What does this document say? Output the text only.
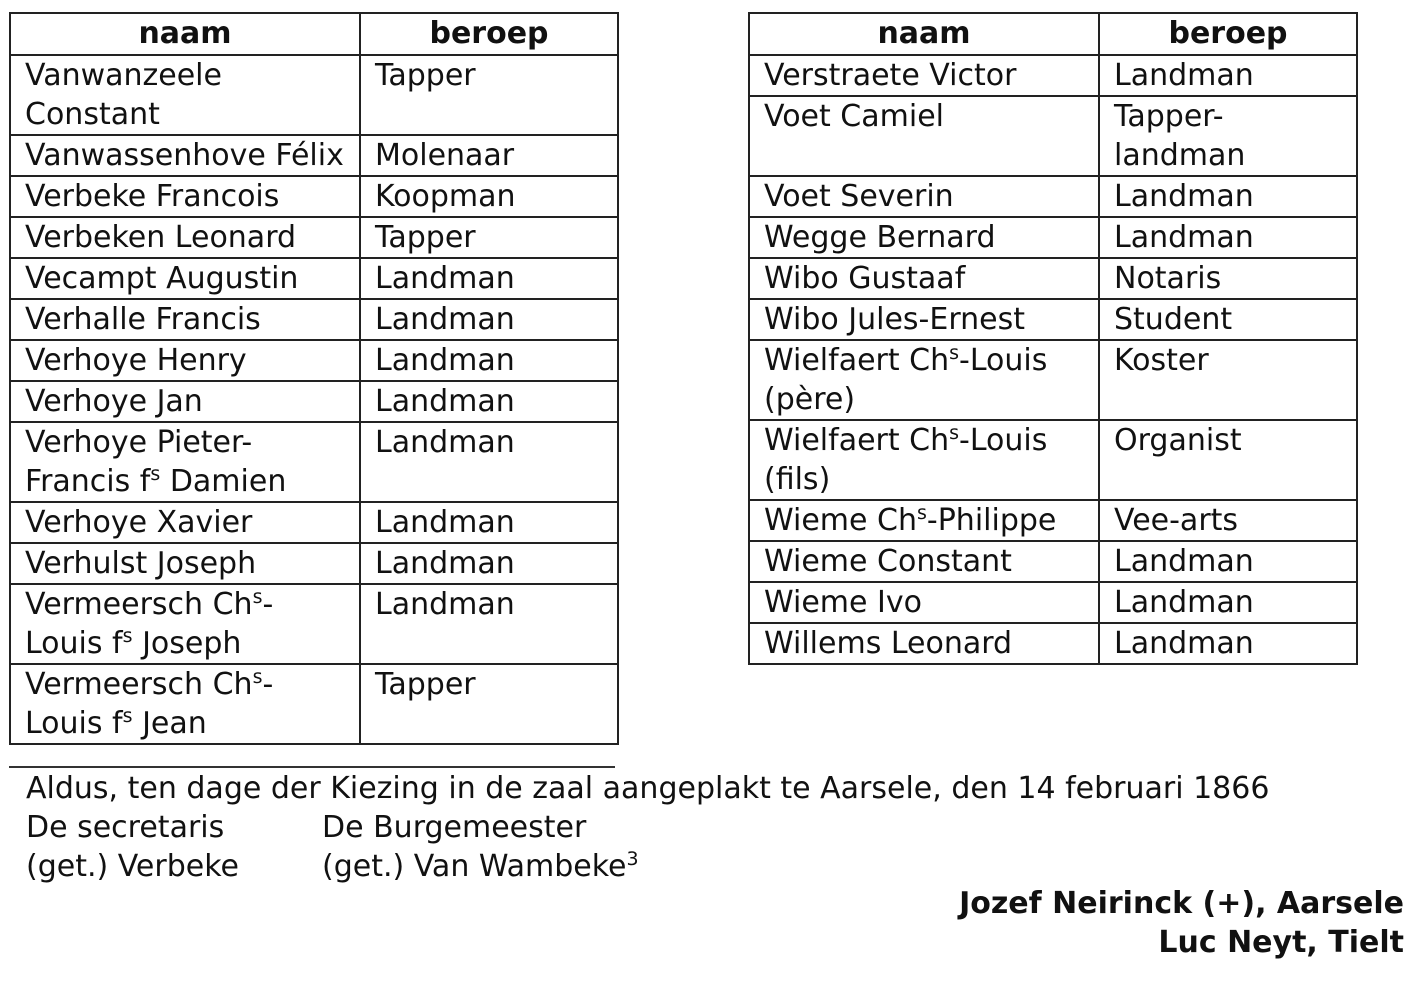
naam	beroep
Vanwanzeele
Constant	Tapper
Vanwassenhove Félix	Molenaar
Verbeke Francois	Koopman
Verbeken Leonard	Tapper
Vecampt Augustin	Landman
Verhalle Francis	Landman
Verhoye Henry	Landman
Verhoye Jan	Landman
Verhoye Pieter-
Francis $f^s$ Damien	Landman
Verhoye Xavier	Landman
Verhulst Joseph	Landman
Vermeersch Ch$^s$-
Louis $f^s$ Joseph	Landman
Vermeersch Ch$^s$-
Louis $f^s$ Jean	Tapper
naam	beroep
Verstraete Victor	Landman
Voet Camiel	Tapper-
landman
Voet Severin	Landman
Wegge Bernard	Landman
Wibo Gustaaf	Notaris
Wibo Jules-Ernest	Student
Wielfaert Ch$^s$-Louis
(père)	Koster
Wielfaert Ch$^s$-Louis
(fils)	Organist
Wieme Ch$^s$-Philippe	Vee-arts
Wieme Constant	Landman
Wieme Ivo	Landman
Willems Leonard	Landman
Aldus, ten dage der Kiezing in de zaal aangeplakt te Aarsele, den 14 februari 1866
De secretaris
(get.) Verbeke
De Burgemeester
(get.) Van Wambeke$^3$
Jozef Neirinck (+), Aarsele
Luc Neyt, Tielt
